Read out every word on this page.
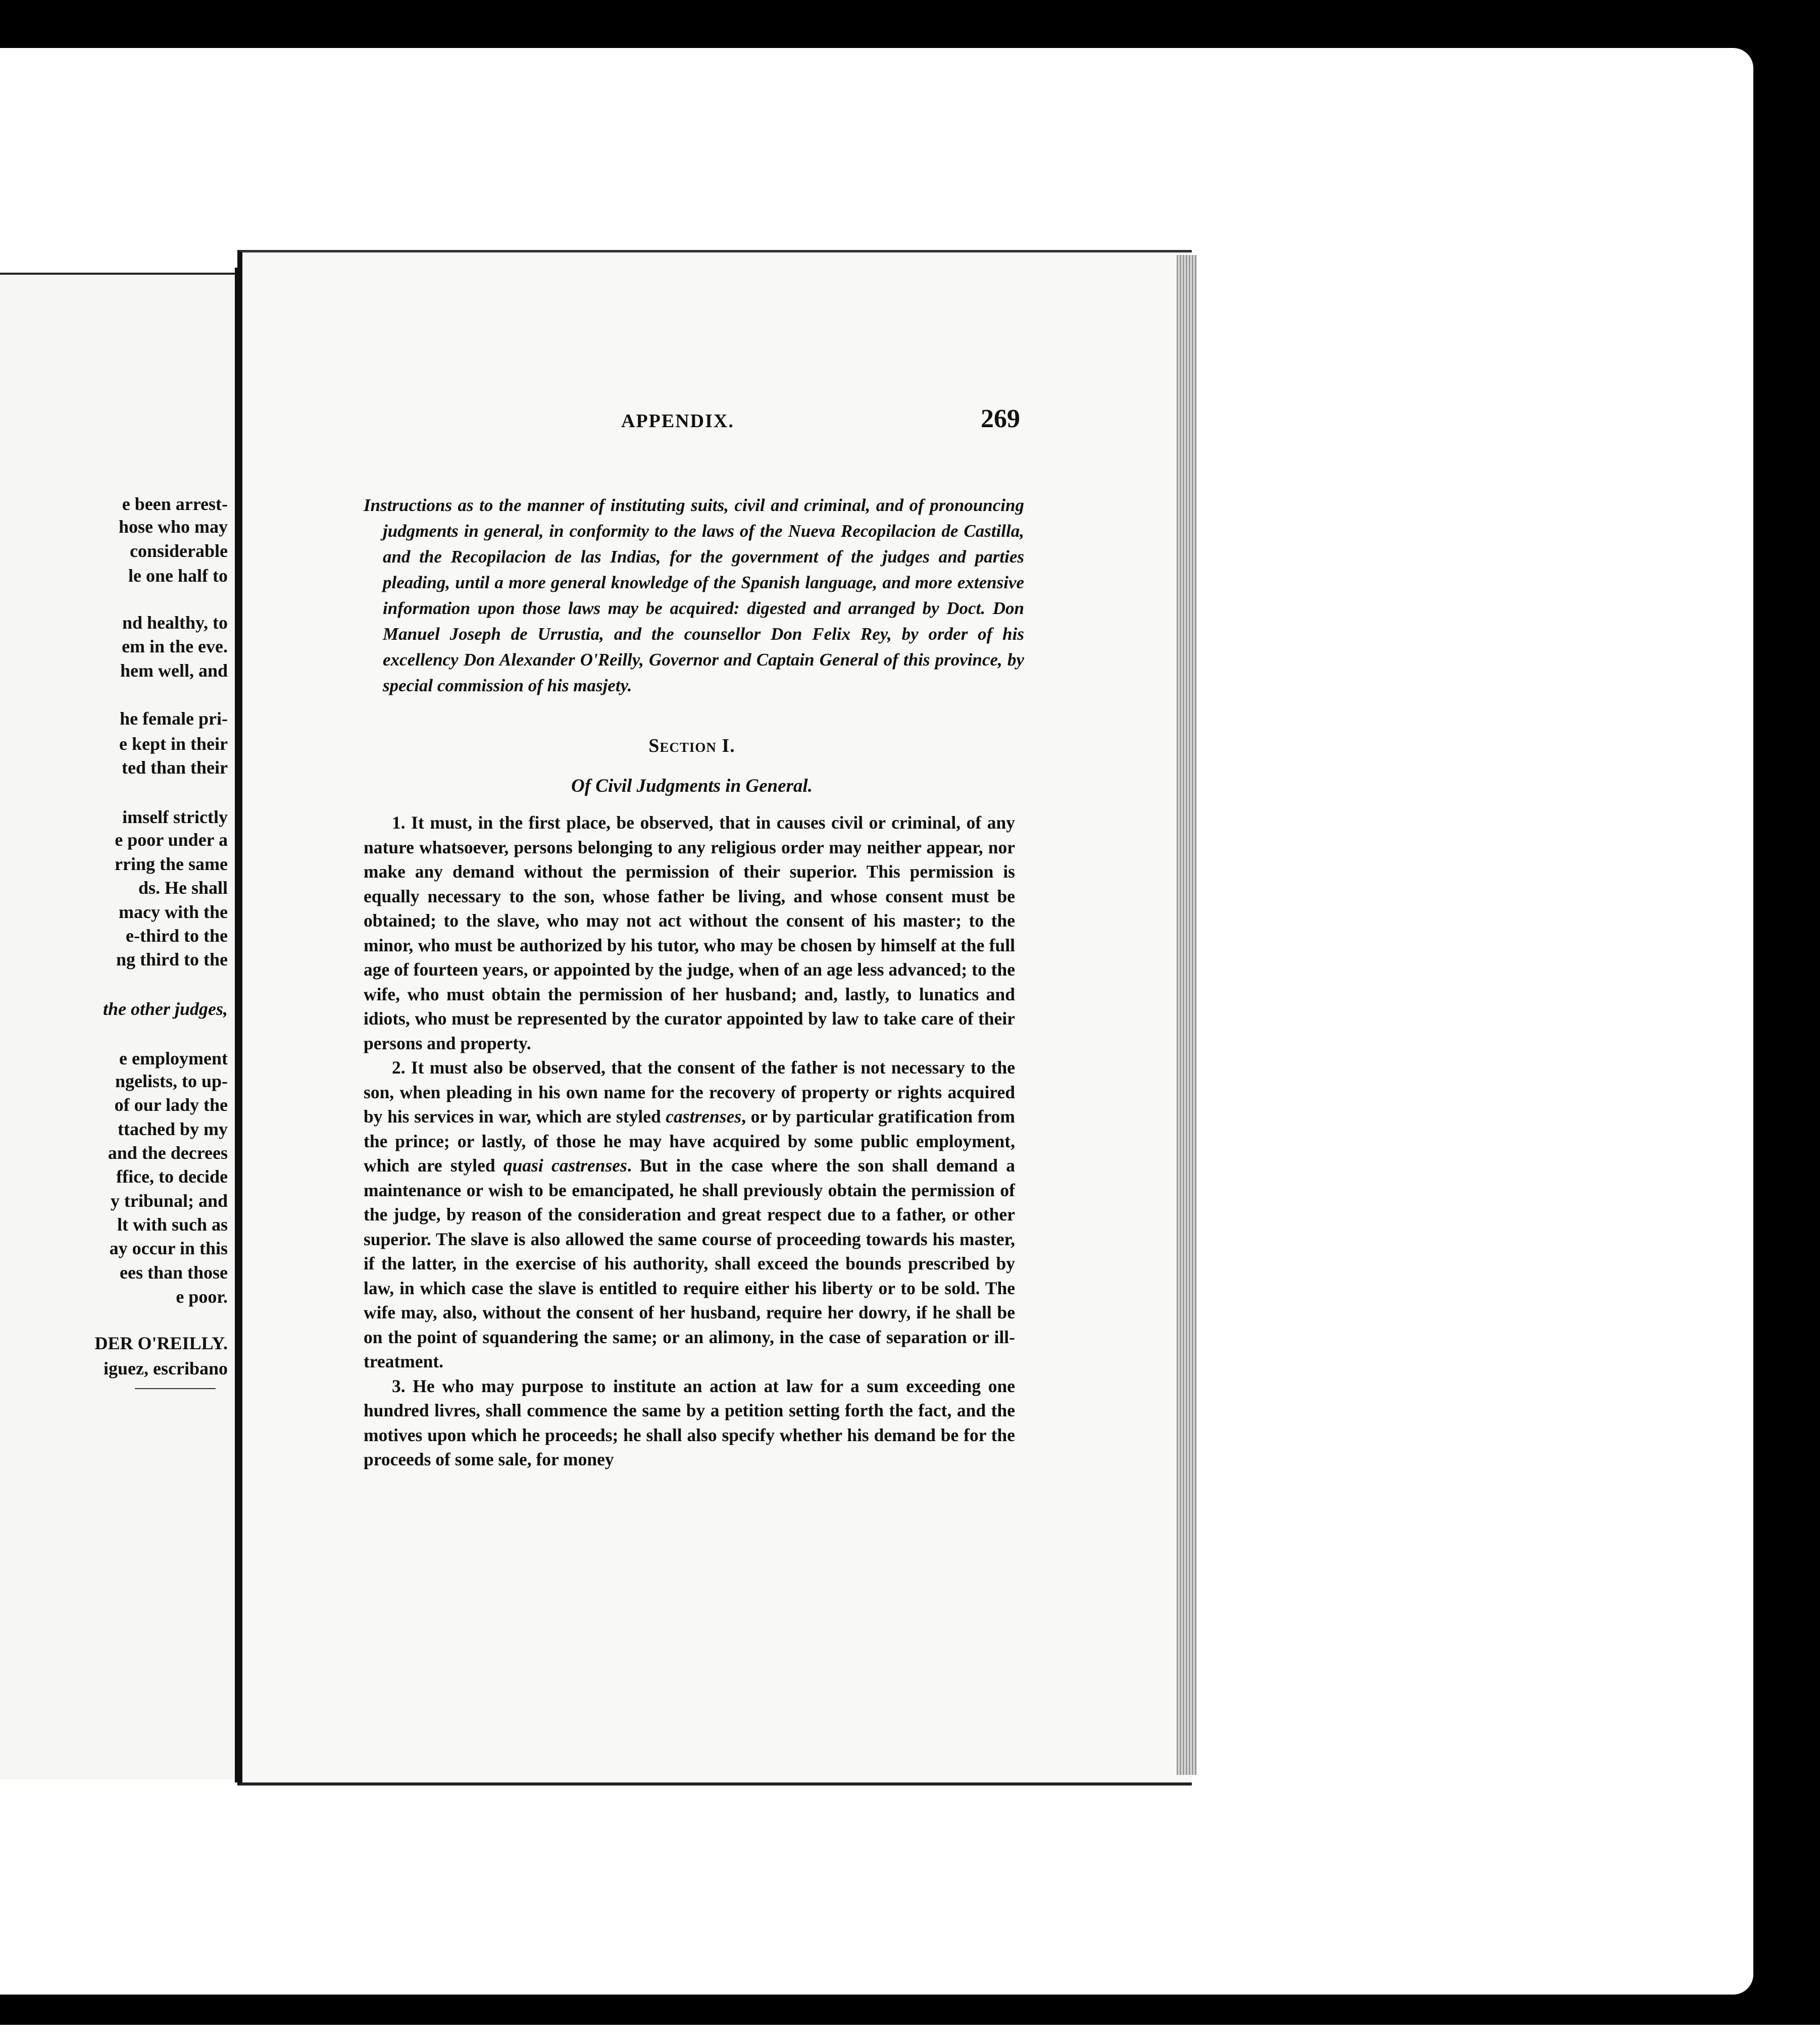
e been arrest-
hose who may
considerable
le one half to
nd healthy, to
em in the eve.
hem well, and
he female pri-
e kept in their
ted than their
imself strictly
e poor under a
rring the same
ds. He shall
macy with the
e-third to the
ng third to the
the other judges,
e employment
ngelists, to up-
of our lady the
ttached by my
and the decrees
ffice, to decide
y tribunal; and
lt with such as
ay occur in this
ees than those
e poor.
DER O'REILLY.
iguez, escribano
APPENDIX.	269
Instructions as to the manner of instituting suits, civil and criminal, and of pronouncing judgments in general, in conformity to the laws of the Nueva Recopilacion de Castilla, and the Recopilacion de las Indias, for the government of the judges and parties pleading, until a more general knowledge of the Spanish language, and more extensive information upon those laws may be acquired: digested and arranged by Doct. Don Manuel Joseph de Urrustia, and the counsellor Don Felix Rey, by order of his excellency Don Alexander O'Reilly, Governor and Captain General of this province, by special commission of his masjety.
Section I.
Of Civil Judgments in General.

1. It must, in the first place, be observed, that in causes civil or criminal, of any nature whatsoever, persons belonging to any religious order may neither appear, nor make any demand without the permission of their superior. This permission is equally necessary to the son, whose father be living, and whose consent must be obtained; to the slave, who may not act without the consent of his master; to the minor, who must be authorized by his tutor, who may be chosen by himself at the full age of fourteen years, or appointed by the judge, when of an age less advanced; to the wife, who must obtain the permission of her husband; and, lastly, to lunatics and idiots, who must be represented by the curator appointed by law to take care of their persons and property.

2. It must also be observed, that the consent of the father is not necessary to the son, when pleading in his own name for the recovery of property or rights acquired by his services in war, which are styled castrenses, or by particular gratification from the prince; or lastly, of those he may have acquired by some public employment, which are styled quasi castrenses. But in the case where the son shall demand a maintenance or wish to be emancipated, he shall previously obtain the permission of the judge, by reason of the consideration and great respect due to a father, or other superior. The slave is also allowed the same course of proceeding towards his master, if the latter, in the exercise of his authority, shall exceed the bounds prescribed by law, in which case the slave is entitled to require either his liberty or to be sold. The wife may, also, without the consent of her husband, require her dowry, if he shall be on the point of squandering the same; or an alimony, in the case of separation or ill-treatment.

3. He who may purpose to institute an action at law for a sum exceeding one hundred livres, shall commence the same by a petition setting forth the fact, and the motives upon which he proceeds; he shall also specify whether his demand be for the proceeds of some sale, for money
